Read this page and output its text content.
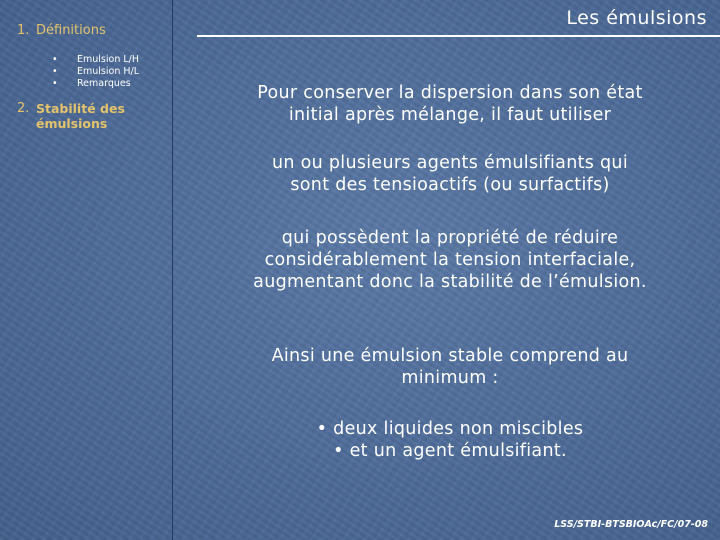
1. Définitions
• Emulsion L/H
• Emulsion H/L
• Remarques
2. Stabilité des
émulsions
Les émulsions
Pour conserver la dispersion dans son état
initial après mélange, il faut utiliser
un ou plusieurs agents émulsifiants qui
sont des tensioactifs (ou surfactifs)
qui possèdent la propriété de réduire
considérablement la tension interfaciale,
augmentant donc la stabilité de l’émulsion.
Ainsi une émulsion stable comprend au
minimum :
• deux liquides non miscibles
• et un agent émulsifiant.
LSS/STBI-BTSBIOAc/FC/07-08
